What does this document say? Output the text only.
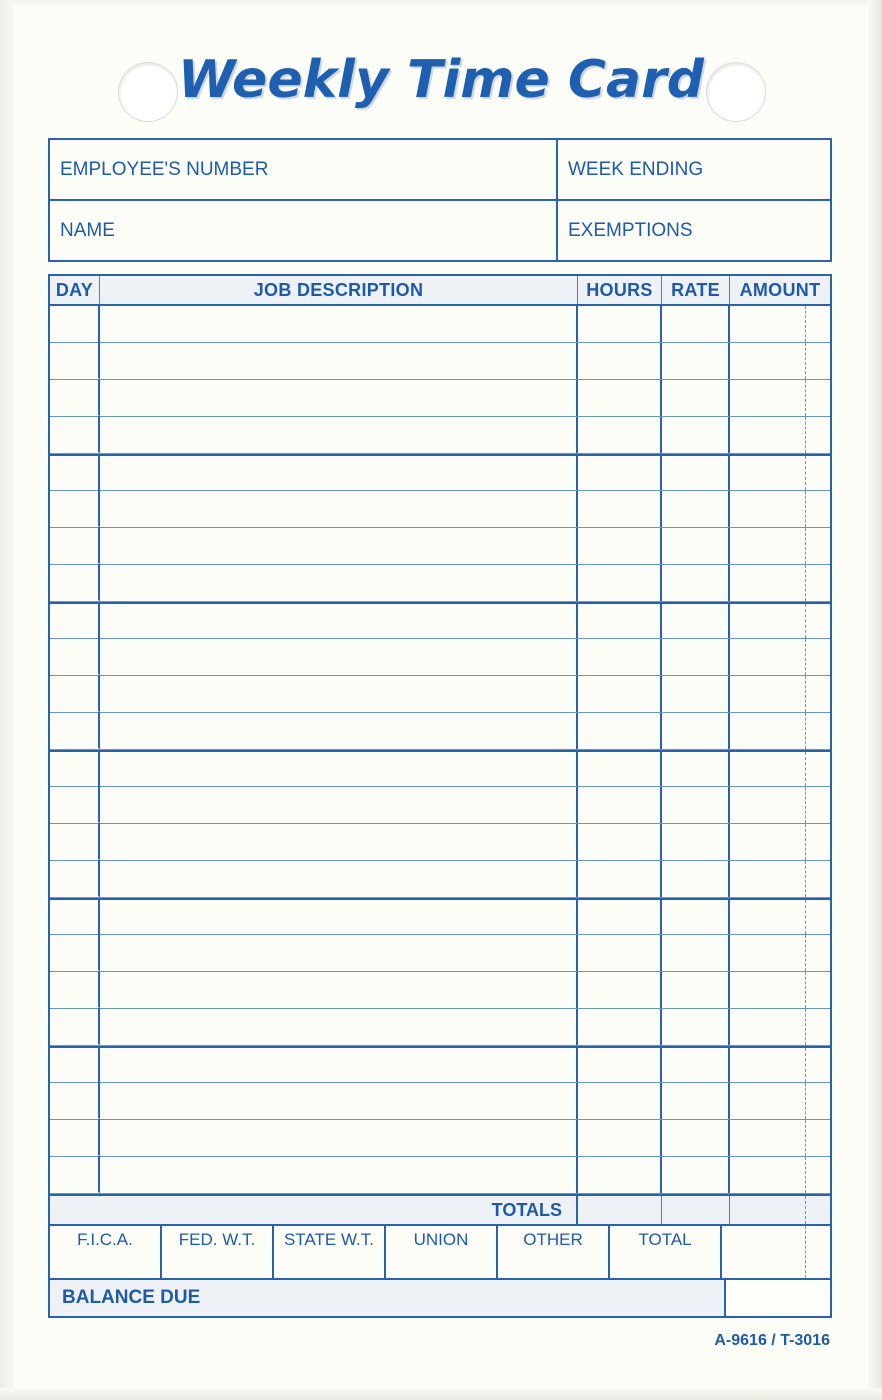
Weekly Time Card
EMPLOYEE'S NUMBER	WEEK ENDING
NAME	EXEMPTIONS
DAY	JOB DESCRIPTION	HOURS	RATE	AMOUNT
TOTALS
F.I.C.A.	FED. W.T.	STATE W.T.	UNION	OTHER	TOTAL
BALANCE DUE
A-9616 / T-3016
